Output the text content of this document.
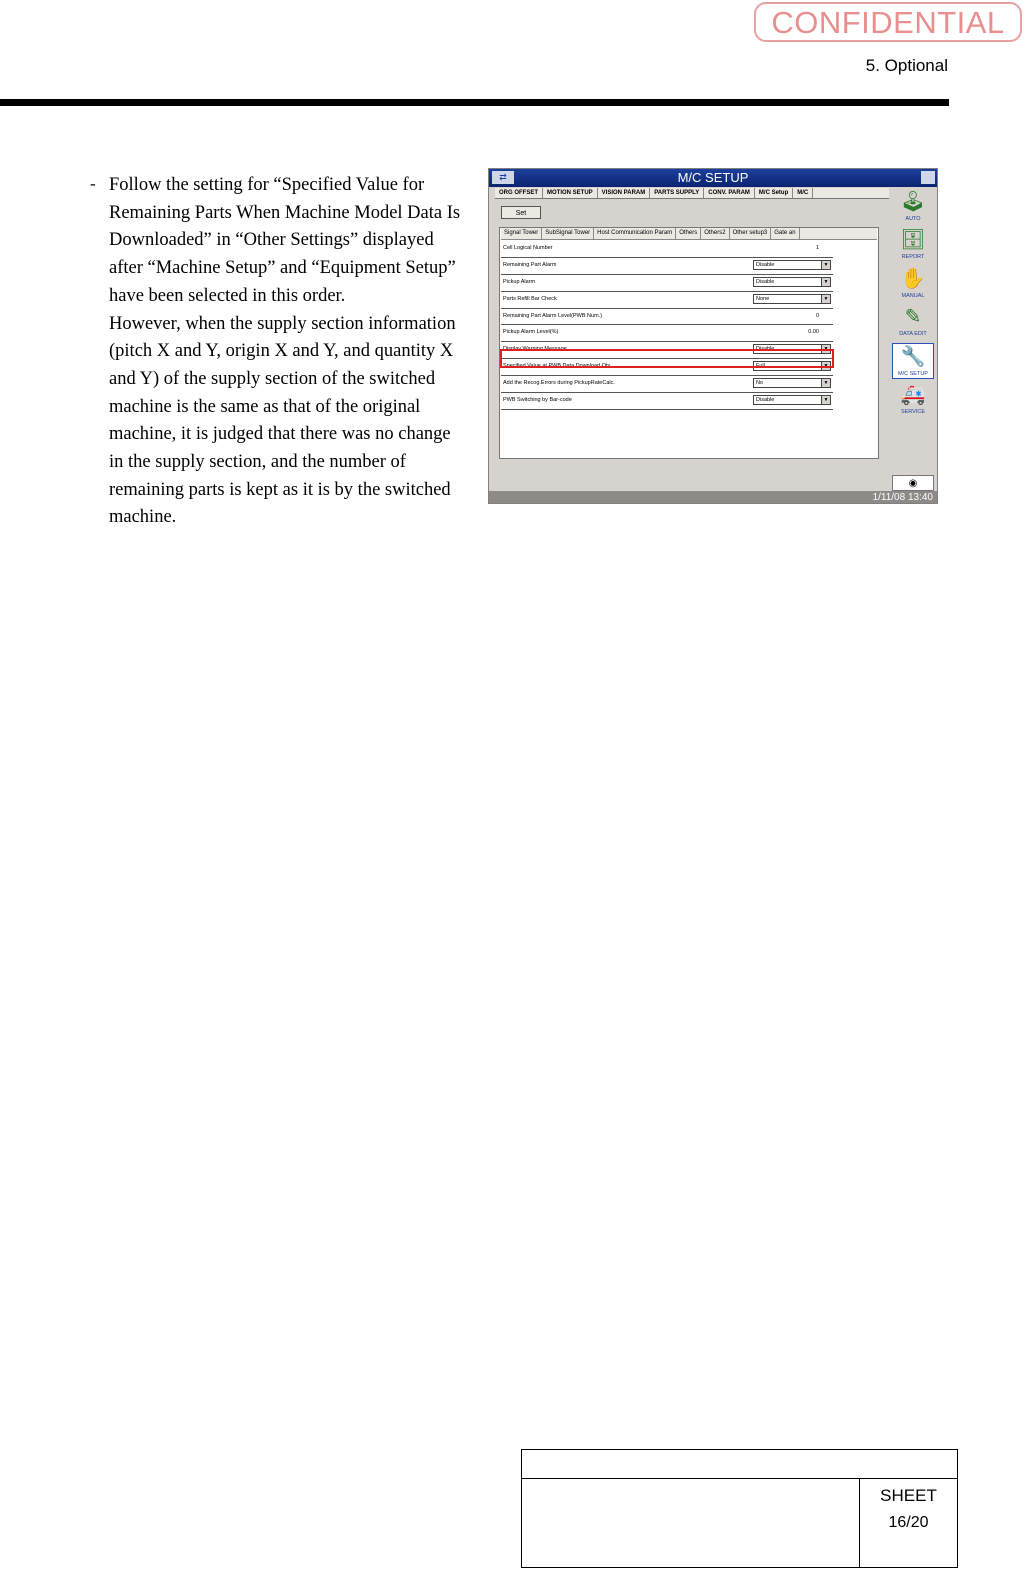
CONFIDENTIAL
5. Optional
- Follow the setting for “Specified Value for Remaining Parts When Machine Model Data Is Downloaded” in “Other Settings” displayed after “Machine Setup” and “Equipment Setup” have been selected in this order.

However, when the supply section information (pitch X and Y, origin X and Y, and quantity X and Y) of the supply section of the switched machine is the same as that of the original machine, it is judged that there was no change in the supply section, and the number of remaining parts is kept as it is by the switched machine.

⇄	M/C SETUP
ORG OFFSET	MOTION SETUP	VISION PARAM	PARTS SUPPLY	CONV. PARAM	M/C Setup	M/C
Set
Signal Tower	SubSignal Tower	Host Communication Param	Others	Others2	Other setup3	Gate an
Cell Logical Number	1
Remaining Part Alarm	Disable	▼
Pickup Alarm	Disable	▼
Parts Refill Bar Check	None	▼
Remaining Part Alarm Level(PWB Num.)	0
Pickup Alarm Level(%)	0.00
Display Warning Message	Disable	▼
Specified Value at PWB Data Download Qty.	Full	▼
Add the Recog.Errors during PickupRateCalc.	No	▼
PWB Switching by Bar-code	Disable	▼
🕹
AUTO
🗄
REPORT
✋
MANUAL
✎
DATA EDIT
🔧
M/C SETUP
🚑
SERVICE
◉
1/11/08 13:40
SHEET
16/20
